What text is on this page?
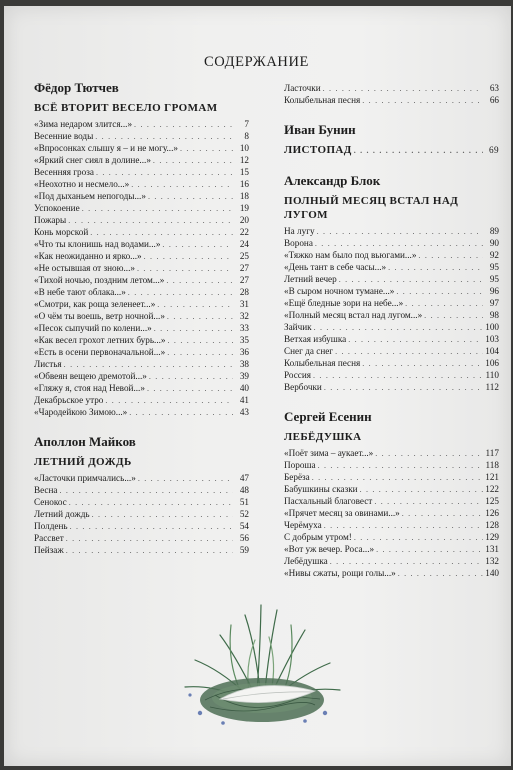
СОДЕРЖАНИЕ
Фёдор Тютчев
ВСЁ ВТОРИТ ВЕСЕЛО ГРОМАМ
«Зима недаром злится...» . . .	7
Весенние воды . . .	8
«Впросонках слышу я – и не могу...» . . .	10
«Яркий снег сиял в долине...» . . .	12
Весенняя гроза . . .	15
«Неохотно и несмело...» . . .	16
«Под дыханьем непогоды...» . . .	18
Успокоение . . .	19
Пожары . . .	20
Конь морской . . .	22
«Что ты клонишь над водами...» . . .	24
«Как неожиданно и ярко...» . . .	25
«Не остывшая от зною...» . . .	27
«Тихой ночью, поздним летом...» . . .	27
«В небе тают облака...» . . .	28
«Смотри, как роща зеленеет...» . . .	31
«О чём ты воешь, ветр ночной...» . . .	32
«Песок сыпучий по колени...» . . .	33
«Как весел грохот летних бурь...» . . .	35
«Есть в осени первоначальной...» . . .	36
Листья . . .	38
«Обвеян вещею дремотой...» . . .	39
«Гляжу я, стоя над Невой...» . . .	40
Декабрьское утро . . .	41
«Чародейкою Зимою...» . . .	43
Аполлон Майков
ЛЕТНИЙ ДОЖДЬ
«Ласточки примчались...» . . .	47
Весна . . .	48
Сенокос . . .	51
Летний дождь . . .	52
Полдень . . .	54
Рассвет . . .	56
Пейзаж . . .	59
Ласточки . . .	63
Колыбельная песня . . .	66
Иван Бунин
ЛИСТОПАД . . .	69
Александр Блок
ПОЛНЫЙ МЕСЯЦ ВСТАЛ НАД ЛУГОМ
На лугу . . .	89
Ворона . . .	90
«Тяжко нам было под вьюгами...» . . .	92
«День тант в себе часы...» . . .	95
Летний вечер . . .	95
«В сыром ночном тумане...» . . .	96
«Ещё бледные зори на небе...» . . .	97
«Полный месяц встал над лугом...» . . .	98
Зайчик . . .	100
Ветхая избушка . . .	103
Снег да снег . . .	104
Колыбельная песня . . .	106
Россия . . .	110
Вербочки . . .	112
Сергей Есенин
ЛЕБЁДУШКА
«Поёт зима – аукает...» . . .	117
Пороша . . .	118
Берёза . . .	121
Бабушкины сказки . . .	122
Пасхальный благовест . . .	125
«Прячет месяц за овинами...» . . .	126
Черёмуха . . .	128
С добрым утром! . . .	129
«Вот уж вечер. Роса...» . . .	131
Лебёдушка . . .	132
«Нивы сжаты, рощи голы...» . . .	140
